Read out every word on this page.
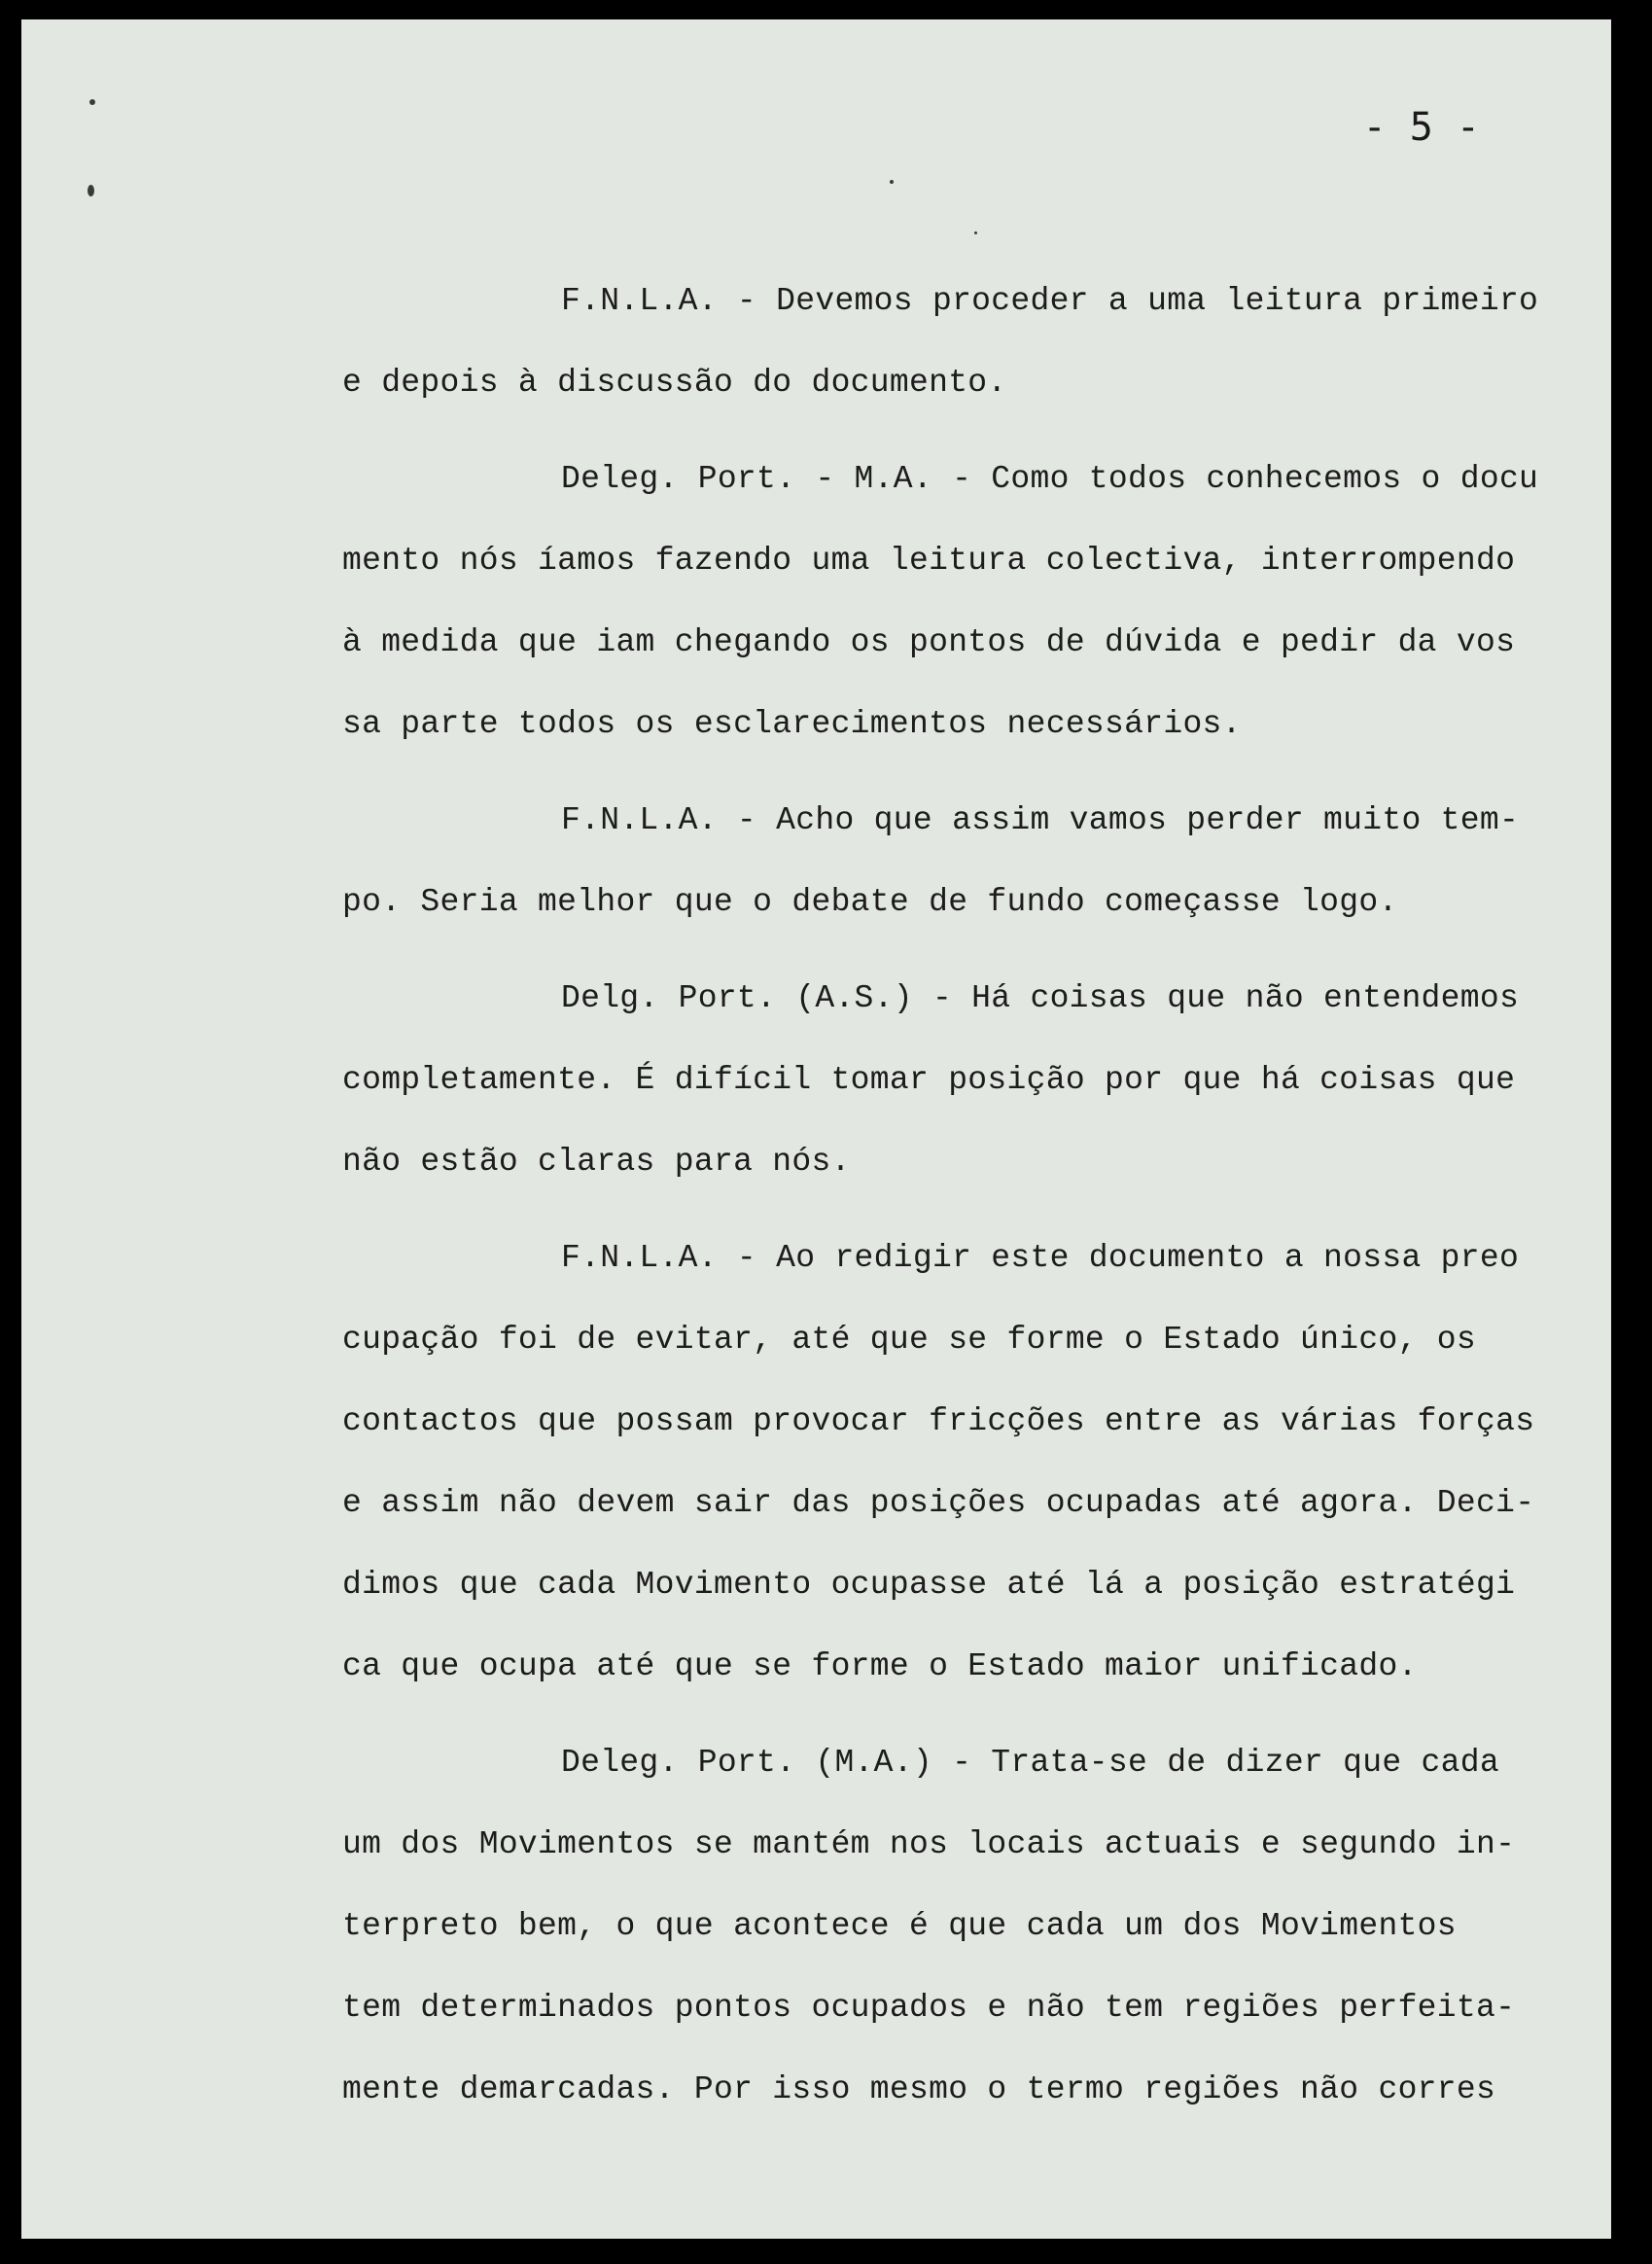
- 5 -
F.N.L.A. - Devemos proceder a uma leitura primeiro
e depois à discussão do documento.
Deleg. Port. - M.A. - Como todos conhecemos o docu
mento nós íamos fazendo uma leitura colectiva, interrompendo
à medida que iam chegando os pontos de dúvida e pedir da vos
sa parte todos os esclarecimentos necessários.
F.N.L.A. - Acho que assim vamos perder muito tem-
po. Seria melhor que o debate de fundo começasse logo.
Delg. Port. (A.S.) - Há coisas que não entendemos
completamente. É difícil tomar posição por que há coisas que
não estão claras para nós.
F.N.L.A. - Ao redigir este documento a nossa preo
cupação foi de evitar, até que se forme o Estado único, os
contactos que possam provocar fricções entre as várias forças
e assim não devem sair das posições ocupadas até agora. Deci-
dimos que cada Movimento ocupasse até lá a posição estratégi
ca que ocupa até que se forme o Estado maior unificado.
Deleg. Port. (M.A.) - Trata-se de dizer que cada
um dos Movimentos se mantém nos locais actuais e segundo in-
terpreto bem, o que acontece é que cada um dos Movimentos
tem determinados pontos ocupados e não tem regiões perfeita-
mente demarcadas. Por isso mesmo o termo regiões não corres
